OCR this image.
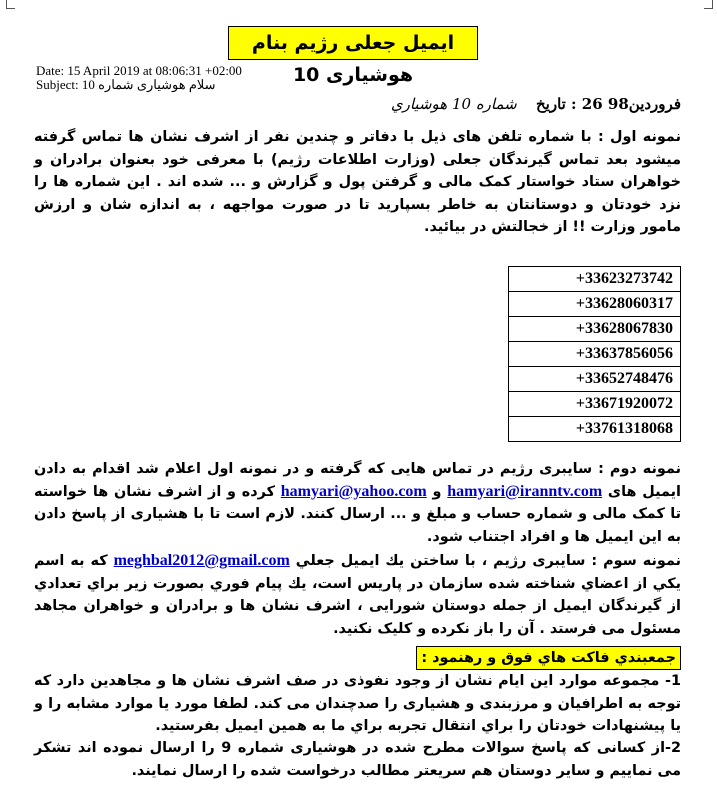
ايميل جعلی رژیم بنام هوشیاری 10
Date: 15 April 2019 at 08:06:31 +02:00
Subject: سلام هوشیاری شماره 10
فروردین98 26 : تاریخ شماره 10 هوشیاري
نمونه اول : با شماره تلفن های ذیل با دفاتر و چندین نفر از اشرف نشان ها تماس گرفته میشود بعد تماس گیرندگان جعلی (وزارت اطلاعات رژیم) با معرفی خود بعنوان برادران و خواهران ستاد خواستار کمک مالی و گرفتن پول و گزارش و ... شده اند . این شماره ها را نزد خودتان و دوستانتان به خاطر بسپارید تا در صورت مواجهه ، به اندازه شان و ارزش مامور وزارت !! از خجالتش در بیائید.
+33623273742
+33628060317
+33628067830
+33637856056
+33652748476
+33671920072
+33761318068
نمونه دوم : سایبری رژیم در تماس هایی که گرفته و در نمونه اول اعلام شد اقدام به دادن ایمیل های hamyari@iranntv.com و hamyari@yahoo.com کرده و از اشرف نشان ها خواسته تا کمک مالی و شماره حساب و مبلغ و ... ارسال کنند. لازم است تا با هشیاری از پاسخ دادن به این ایمیل ها و افراد اجتناب شود.
نمونه سوم : سایبری رژیم ، با ساختن يك ايميل جعلي meghbal2012@gmail.com كه به اسم يكي از اعضاي شناخته شده سازمان در پاريس است، يك پيام فوري بصورت زير براي تعدادي از گيرندگان ایمیل از جمله دوستان شورایی ، اشرف نشان ها و برادران و خواهران مجاهد مسئول می فرستد . آن را باز نکرده و کلیک نکنید.
جمعبندي فاكت هاي فوق و رهنمود :
1- مجموعه موارد این ایام نشان از وجود نفوذی در صف اشرف نشان ها و مجاهدین دارد که توجه به اطرافیان و مرزبندی و هشیاری را صدچندان می کند. لطفا مورد یا موارد مشابه را و یا پیشنهادات خودتان را براي انتقال تجربه براي ما به همین ایمیل بفرستید.
2-از کسانی که پاسخ سوالات مطرح شده در هوشیاری شماره 9 را ارسال نموده اند تشکر می نماییم و سایر دوستان هم سریعتر مطالب درخواست شده را ارسال نمایند.
